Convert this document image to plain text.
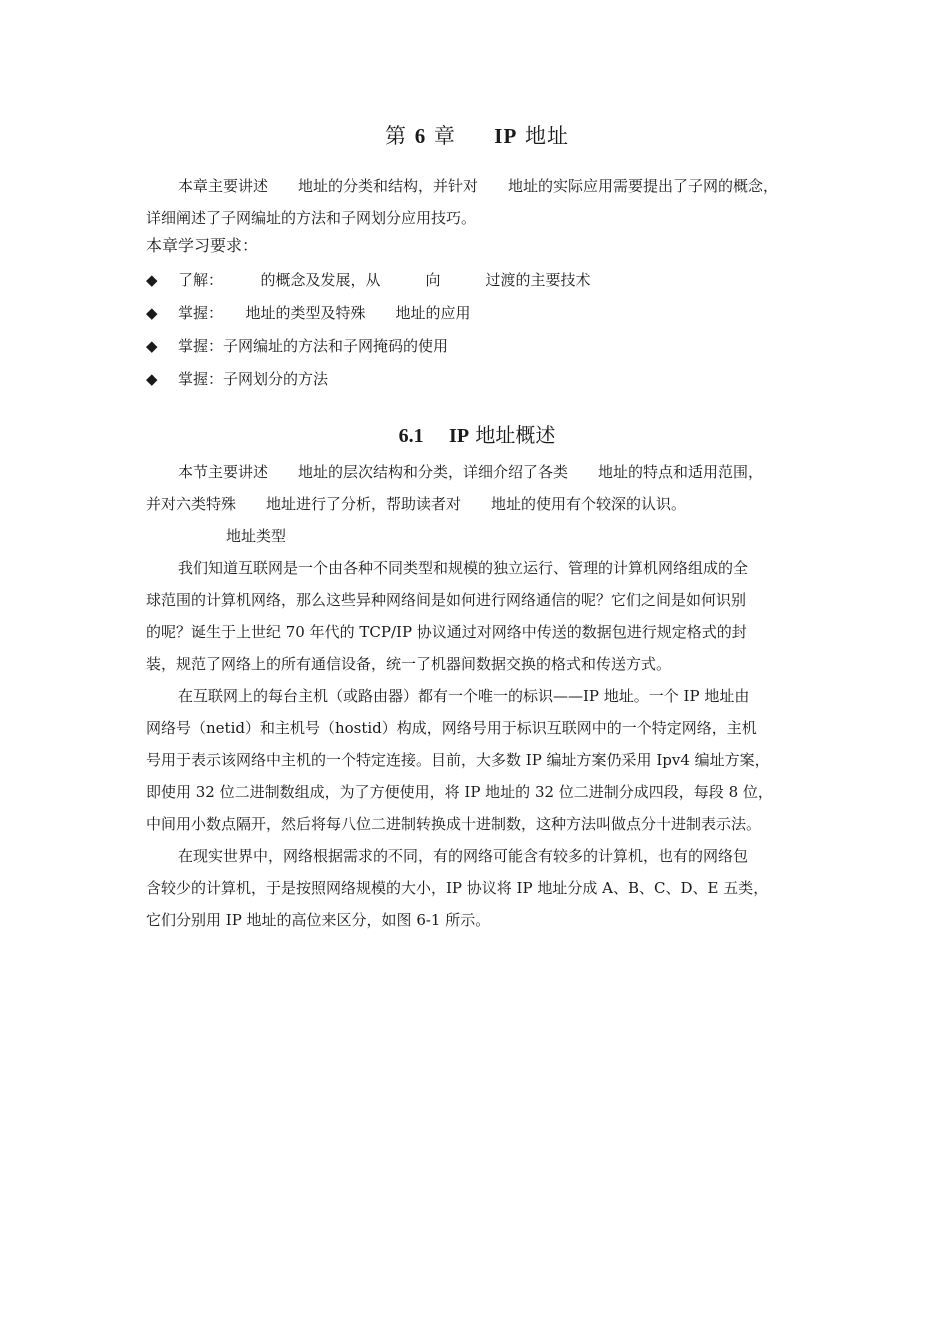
第 6 章 IP 地址
本章主要讲述　　地址的分类和结构，并针对　　地址的实际应用需要提出了子网的概念，
详细阐述了子网编址的方法和子网划分应用技巧。
本章学习要求：
◆ 了解：　　　的概念及发展，从　　　向　　　过渡的主要技术
◆ 掌握：　　地址的类型及特殊　　地址的应用
◆ 掌握：子网编址的方法和子网掩码的使用
◆ 掌握：子网划分的方法
6.1 IP 地址概述
本节主要讲述　　地址的层次结构和分类，详细介绍了各类　　地址的特点和适用范围，
并对六类特殊　　地址进行了分析，帮助读者对　　地址的使用有个较深的认识。
地址类型
我们知道互联网是一个由各种不同类型和规模的独立运行、管理的计算机网络组成的全
球范围的计算机网络，那么这些异种网络间是如何进行网络通信的呢？它们之间是如何识别
的呢？诞生于上世纪 70 年代的 TCP/IP 协议通过对网络中传送的数据包进行规定格式的封
装，规范了网络上的所有通信设备，统一了机器间数据交换的格式和传送方式。
在互联网上的每台主机（或路由器）都有一个唯一的标识——IP 地址。一个 IP 地址由
网络号（netid）和主机号（hostid）构成，网络号用于标识互联网中的一个特定网络，主机
号用于表示该网络中主机的一个特定连接。目前，大多数 IP 编址方案仍采用 Ipv4 编址方案，
即使用 32 位二进制数组成，为了方便使用，将 IP 地址的 32 位二进制分成四段，每段 8 位，
中间用小数点隔开，然后将每八位二进制转换成十进制数，这种方法叫做点分十进制表示法。
在现实世界中，网络根据需求的不同，有的网络可能含有较多的计算机，也有的网络包
含较少的计算机，于是按照网络规模的大小，IP 协议将 IP 地址分成 A、B、C、D、E 五类，
它们分别用 IP 地址的高位来区分，如图 6-1 所示。
